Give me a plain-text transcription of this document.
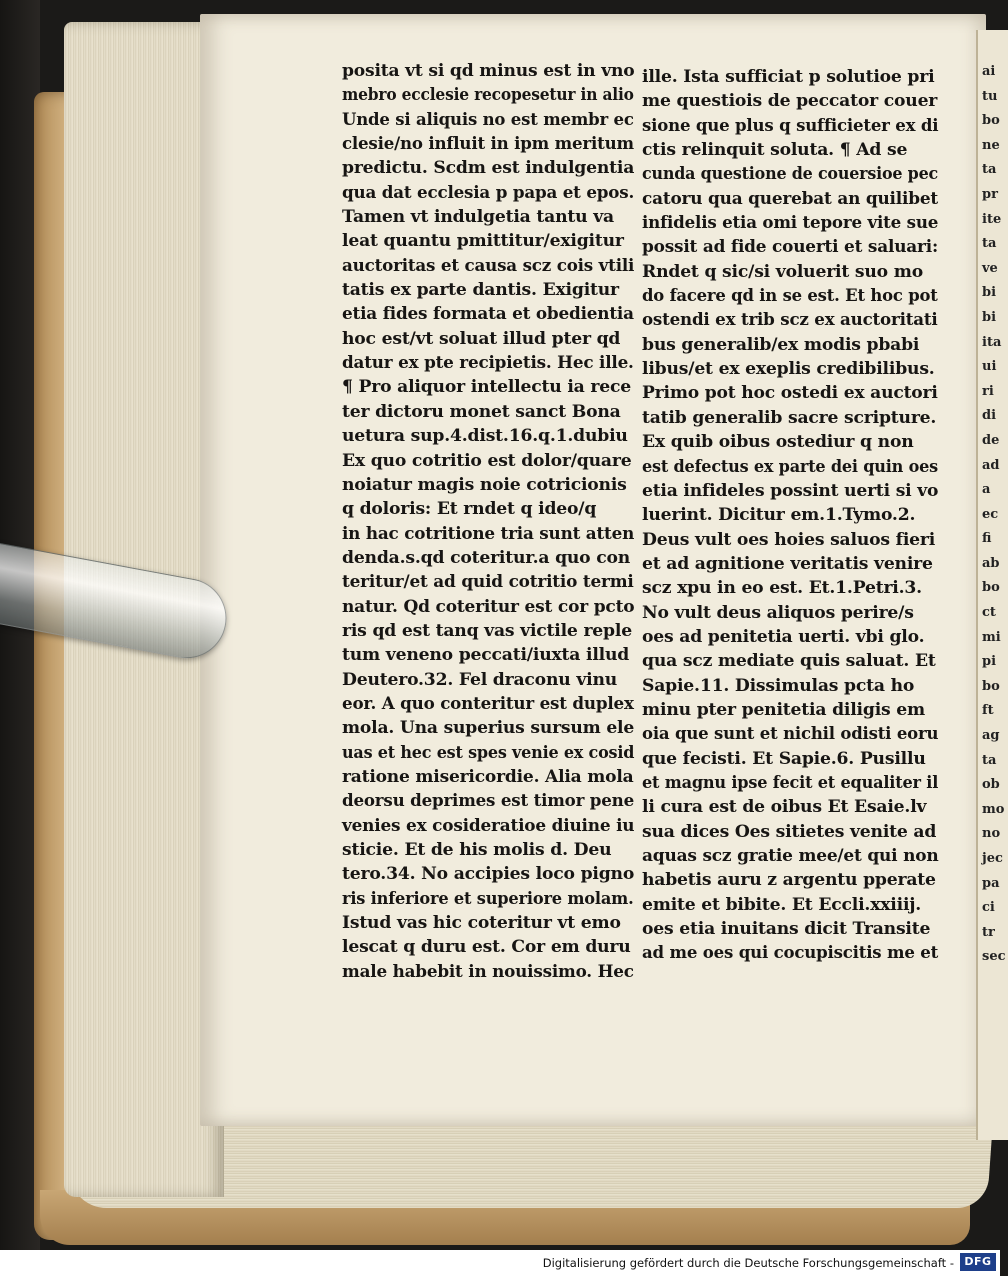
ai
tu
bo
ne
ta
pr
ite
ta
ve
bi
bi
ita
ui
ri
di
de
ad
a
ec
fi
ab
bo
ct
mi
pi
bo
ft
ag
ta
ob
mo
no
jec
pa
ci
tr
sec
posita vt si qd minus est in vno
mebro ecclesie recopesetur in alio
Unde si aliquis no est membr ec
clesie/no influit in ipm meritum
predictu. Scdm est indulgentia
qua dat ecclesia p papa et epos.
Tamen vt indulgetia tantu va
leat quantu pmittitur/exigitur
auctoritas et causa scz cois vtili
tatis ex parte dantis. Exigitur
etia fides formata et obedientia
hoc est/vt soluat illud pter qd
datur ex pte recipietis. Hec ille.
¶ Pro aliquor intellectu ia rece
ter dictoru monet sanct Bona
uetura sup.4.dist.16.q.1.dubiu
Ex quo cotritio est dolor/quare
noiatur magis noie cotricionis
q doloris: Et rndet q ideo/q
in hac cotritione tria sunt atten
denda.s.qd coteritur.a quo con
teritur/et ad quid cotritio termi
natur. Qd coteritur est cor pcto
ris qd est tanq vas victile reple
tum veneno peccati/iuxta illud
Deutero.32. Fel draconu vinu
eor. A quo conteritur est duplex
mola. Una superius sursum ele
uas et hec est spes venie ex cosid
ratione misericordie. Alia mola
deorsu deprimes est timor pene
venies ex cosideratioe diuine iu
sticie. Et de his molis d. Deu
tero.34. No accipies loco pigno
ris inferiore et superiore molam.
Istud vas hic coteritur vt emo
lescat q duru est. Cor em duru
male habebit in nouissimo. Hec
ille. Ista sufficiat p solutioe pri
me questiois de peccator couer
sione que plus q sufficieter ex di
ctis relinquit soluta. ¶ Ad se
cunda questione de couersioe pec
catoru qua querebat an quilibet
infidelis etia omi tepore vite sue
possit ad fide couerti et saluari:
Rndet q sic/si voluerit suo mo
do facere qd in se est. Et hoc pot
ostendi ex trib scz ex auctoritati
bus generalib/ex modis pbabi
libus/et ex exeplis credibilibus.
Primo pot hoc ostedi ex auctori
tatib generalib sacre scripture.
Ex quib oibus ostediur q non
est defectus ex parte dei quin oes
etia infideles possint uerti si vo
luerint. Dicitur em.1.Tymo.2.
Deus vult oes hoies saluos fieri
et ad agnitione veritatis venire
scz xpu in eo est. Et.1.Petri.3.
No vult deus aliquos perire/s
oes ad penitetia uerti. vbi glo.
qua scz mediate quis saluat. Et
Sapie.11. Dissimulas pcta ho
minu pter penitetia diligis em
oia que sunt et nichil odisti eoru
que fecisti. Et Sapie.6. Pusillu
et magnu ipse fecit et equaliter il
li cura est de oibus Et Esaie.lv
sua dices Oes sitietes venite ad
aquas scz gratie mee/et qui non
habetis auru z argentu pperate
emite et bibite. Et Eccli.xxiiij.
oes etia inuitans dicit Transite
ad me oes qui cocupiscitis me et
Digitalisierung gefördert durch die Deutsche Forschungsgemeinschaft - DFG
